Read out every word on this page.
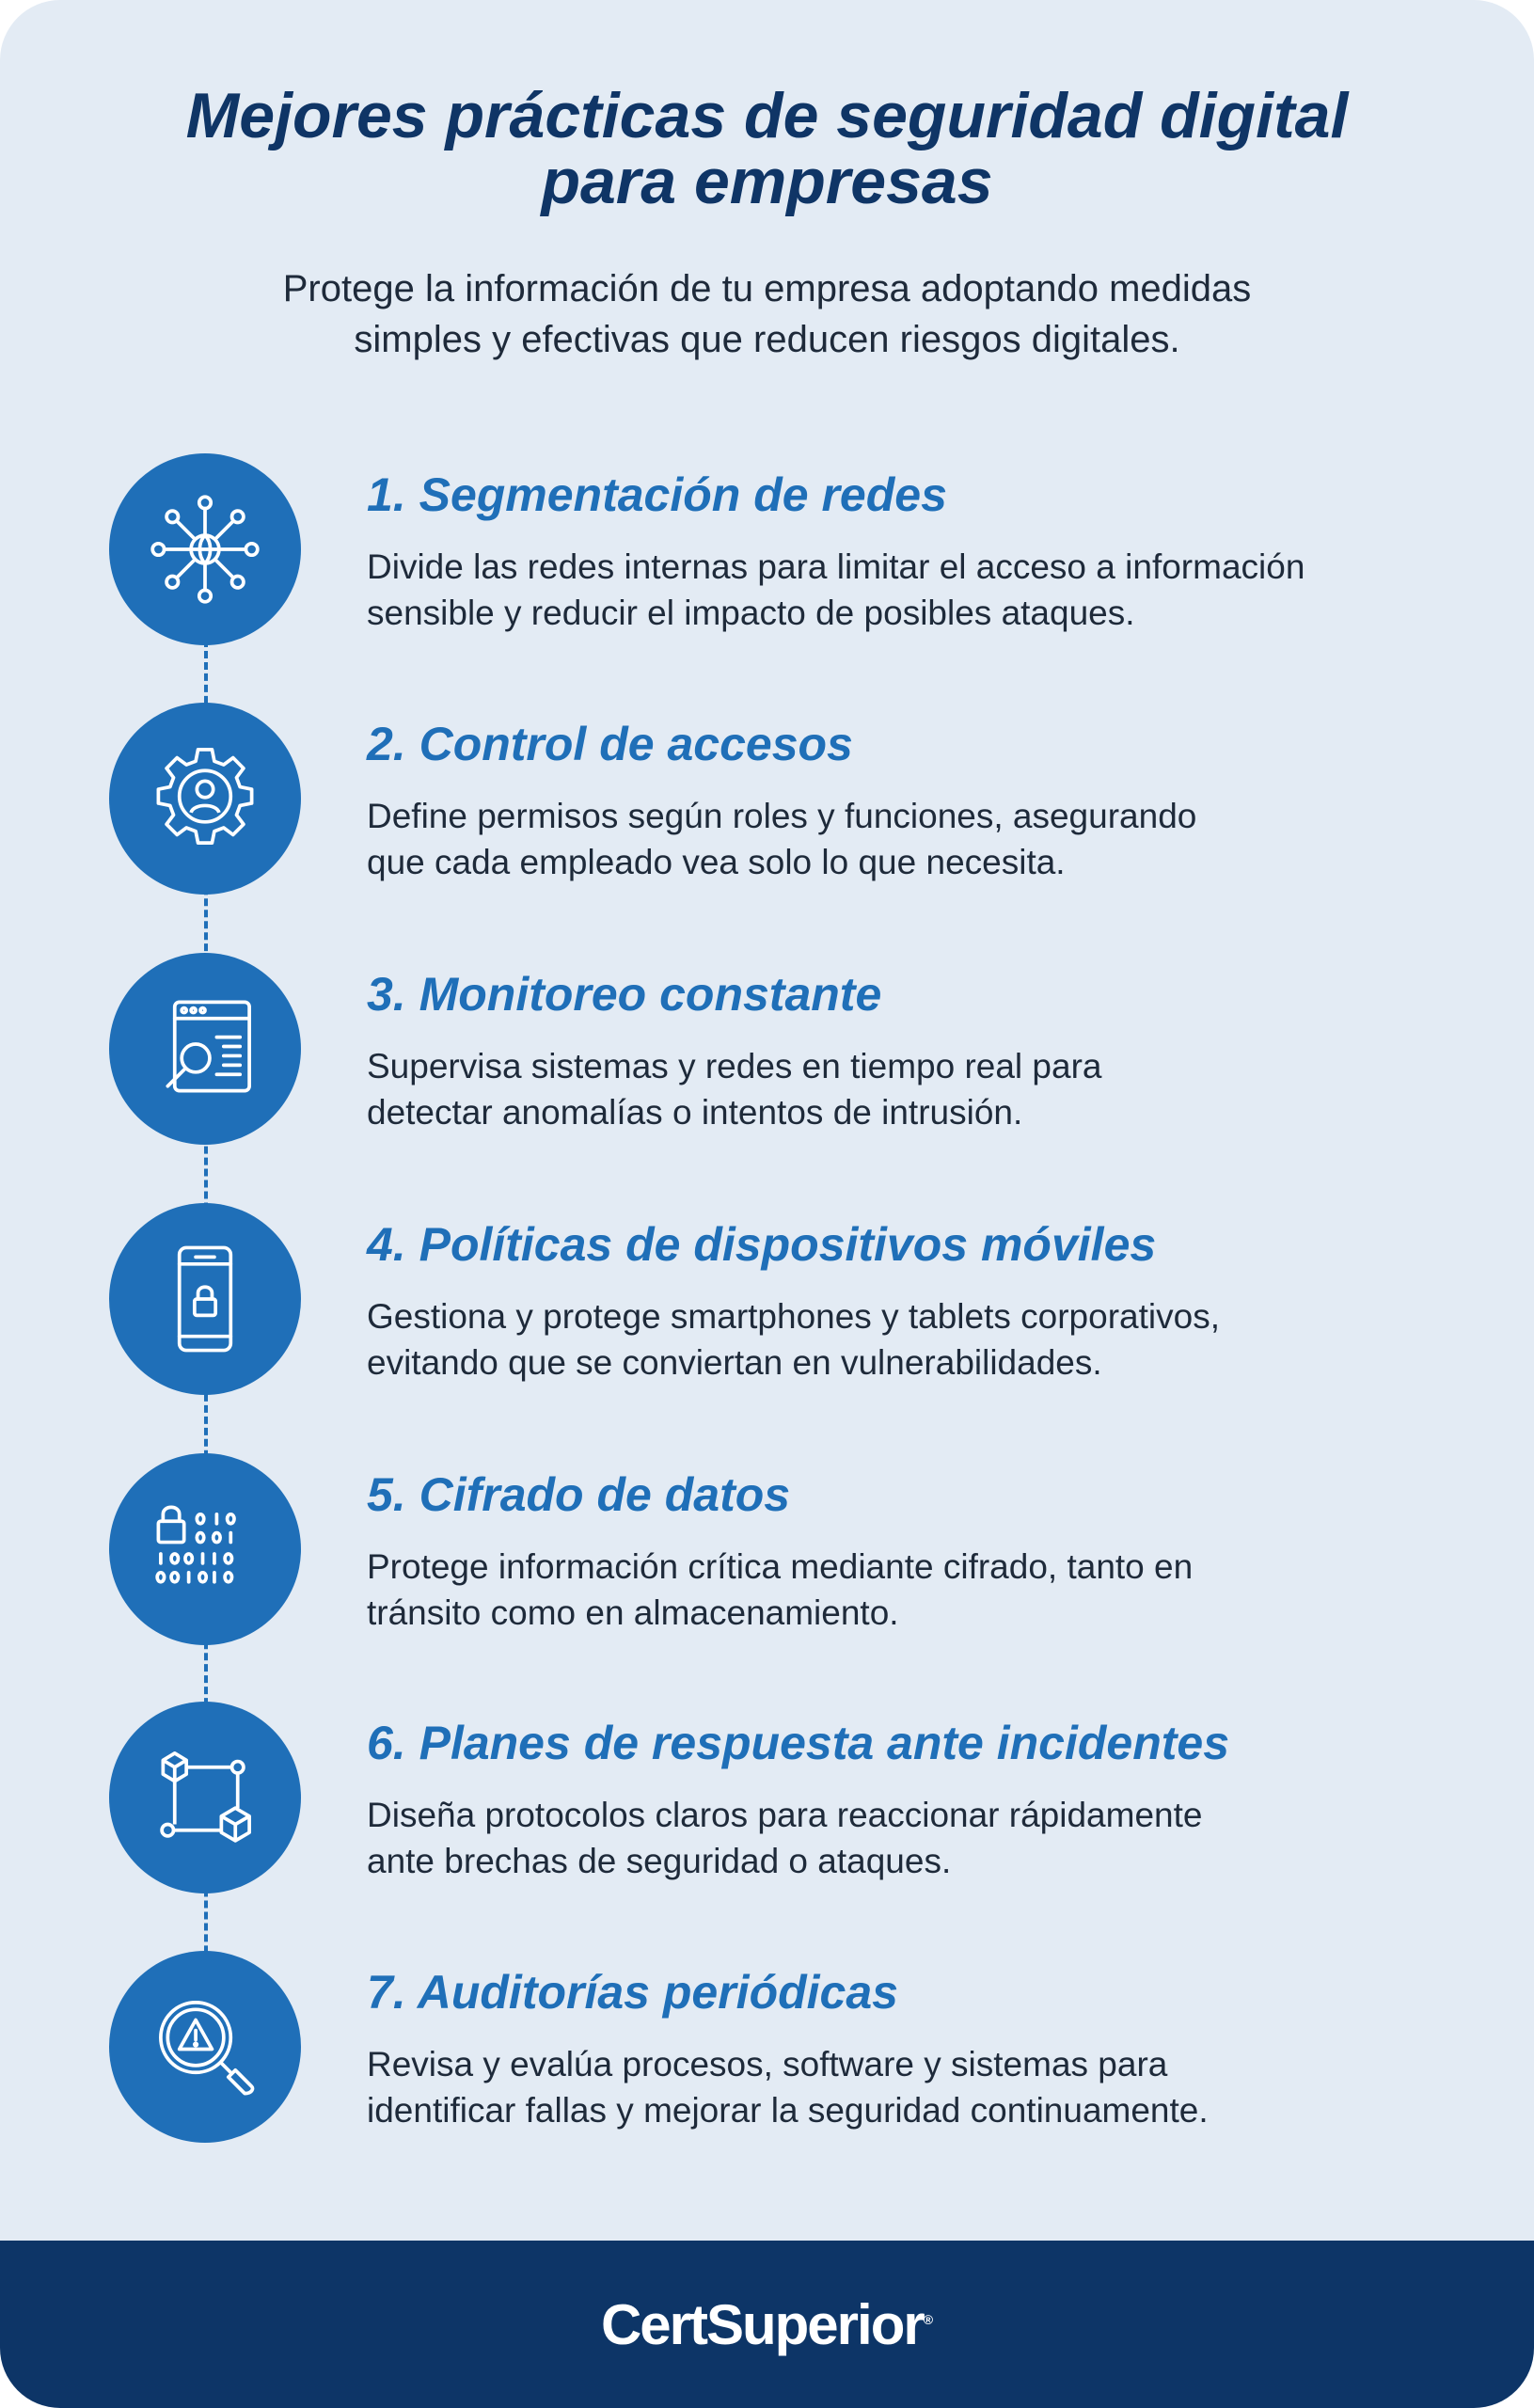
Mejores prácticas de seguridad digital
para empresas
Protege la información de tu empresa adoptando medidas
simples y efectivas que reducen riesgos digitales.
1. Segmentación de redes
Divide las redes internas para limitar el acceso a información
sensible y reducir el impacto de posibles ataques.
2. Control de accesos
Define permisos según roles y funciones, asegurando
que cada empleado vea solo lo que necesita.
3. Monitoreo constante
Supervisa sistemas y redes en tiempo real para
detectar anomalías o intentos de intrusión.
4. Políticas de dispositivos móviles
Gestiona y protege smartphones y tablets corporativos,
evitando que se conviertan en vulnerabilidades.
5. Cifrado de datos
Protege información crítica mediante cifrado, tanto en
tránsito como en almacenamiento.
6. Planes de respuesta ante incidentes
Diseña protocolos claros para reaccionar rápidamente
ante brechas de seguridad o ataques.
7. Auditorías periódicas
Revisa y evalúa procesos, software y sistemas para
identificar fallas y mejorar la seguridad continuamente.
CertSuperior®
